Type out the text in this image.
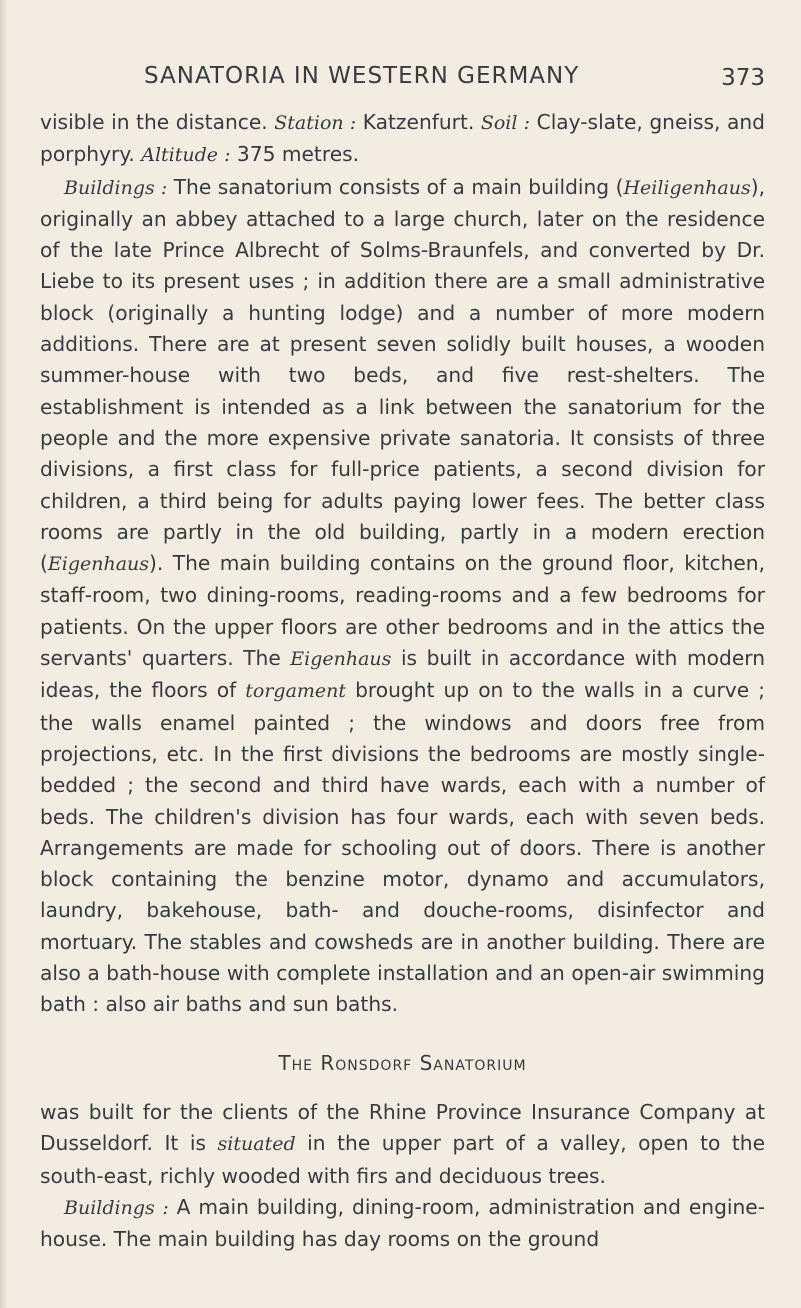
SANATORIA IN WESTERN GERMANY	373

visible in the distance. Station : Katzenfurt. Soil : Clay-slate, gneiss, and porphyry. Altitude : 375 metres.

Buildings : The sanatorium consists of a main building (Heiligenhaus), originally an abbey attached to a large church, later on the residence of the late Prince Albrecht of Solms-Braunfels, and converted by Dr. Liebe to its present uses ; in addition there are a small administrative block (originally a hunting lodge) and a number of more modern additions. There are at present seven solidly built houses, a wooden summer-house with two beds, and five rest-shelters. The establishment is intended as a link between the sanatorium for the people and the more expensive private sanatoria. It consists of three divisions, a first class for full-price patients, a second division for children, a third being for adults paying lower fees. The better class rooms are partly in the old building, partly in a modern erection (Eigenhaus). The main building contains on the ground floor, kitchen, staff-room, two dining-rooms, reading-rooms and a few bedrooms for patients. On the upper floors are other bedrooms and in the attics the servants' quarters. The Eigenhaus is built in accordance with modern ideas, the floors of torgament brought up on to the walls in a curve ; the walls enamel painted ; the windows and doors free from projections, etc. In the first divisions the bedrooms are mostly single-bedded ; the second and third have wards, each with a number of beds. The children's division has four wards, each with seven beds. Arrangements are made for schooling out of doors. There is another block containing the benzine motor, dynamo and accumulators, laundry, bakehouse, bath- and douche-rooms, disinfector and mortuary. The stables and cowsheds are in another building. There are also a bath-house with complete installation and an open-air swimming bath : also air baths and sun baths.

The Ronsdorf Sanatorium

was built for the clients of the Rhine Province Insurance Company at Dusseldorf. It is situated in the upper part of a valley, open to the south-east, richly wooded with firs and deciduous trees.

Buildings : A main building, dining-room, administration and engine-house. The main building has day rooms on the ground
